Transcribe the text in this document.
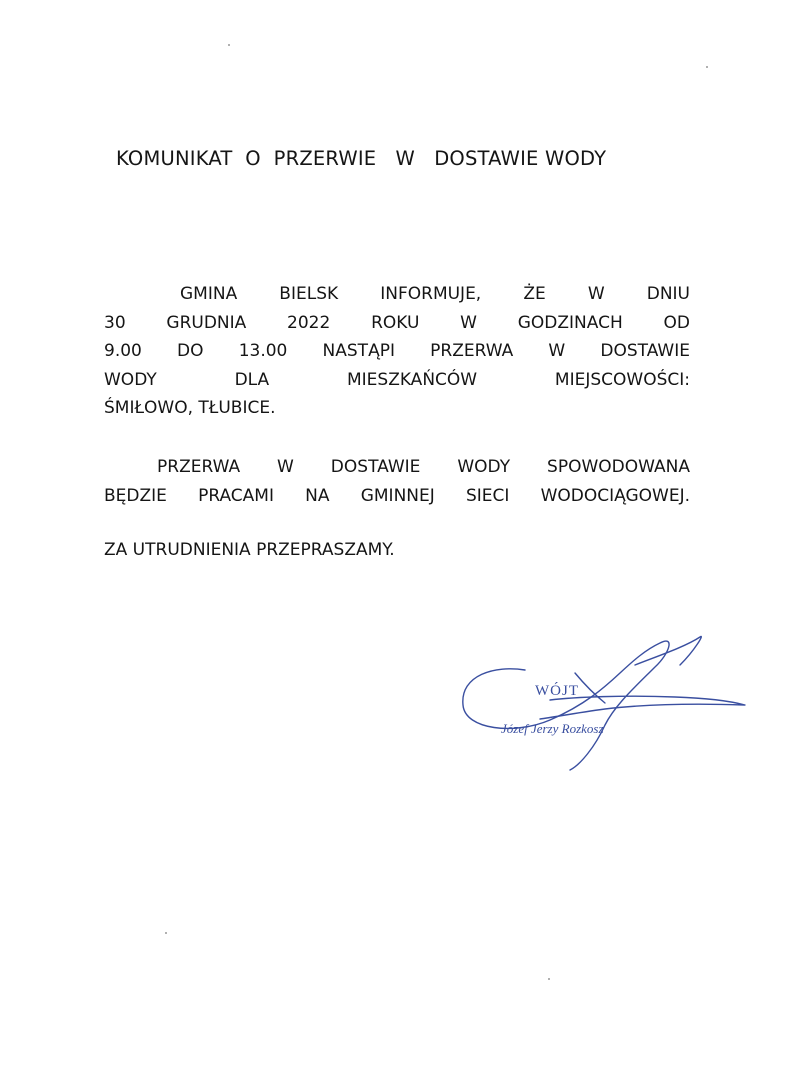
KOMUNIKAT  O  PRZERWIE   W   DOSTAWIE WODY
GMINA BIELSK INFORMUJE, ŻE W DNIU
30 GRUDNIA 2022 ROKU W GODZINACH OD
9.00 DO 13.00 NASTĄPI PRZERWA W DOSTAWIE
WODY DLA MIESZKAŃCÓW MIEJSCOWOŚCI:
ŚMIŁOWO, TŁUBICE.
PRZERWA W DOSTAWIE WODY SPOWODOWANA
BĘDZIE PRACAMI NA GMINNEJ SIECI WODOCIĄGOWEJ.
ZA UTRUDNIENIA PRZEPRASZAMY.
WÓJT
Józef Jerzy Rozkosz
